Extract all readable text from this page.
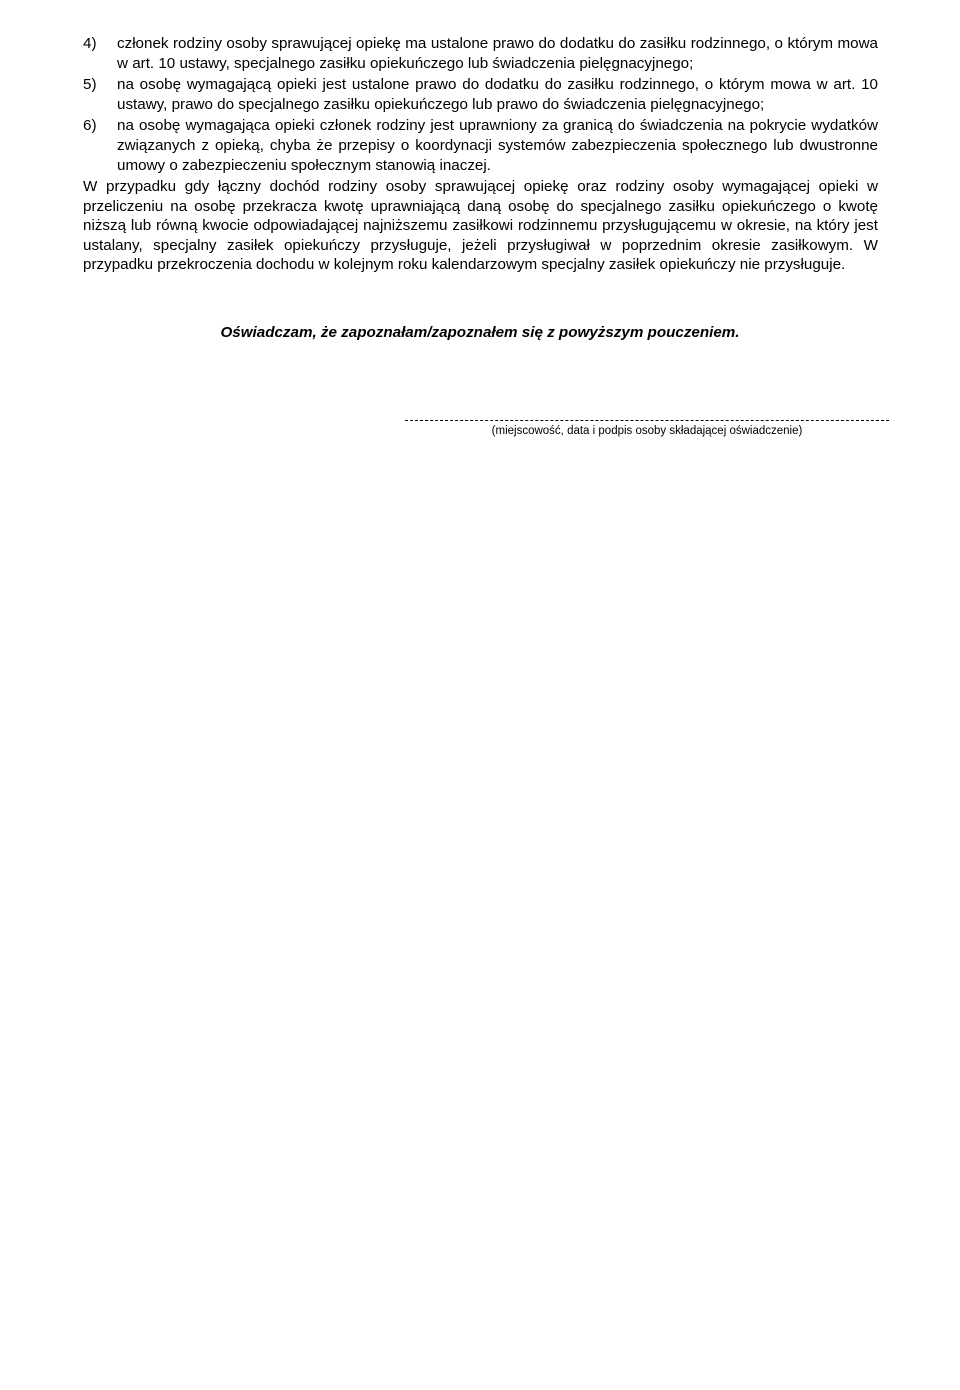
4)	członek rodziny osoby sprawującej opiekę ma ustalone prawo do dodatku do zasiłku rodzinnego, o którym mowa w art. 10 ustawy, specjalnego zasiłku opiekuńczego lub świadczenia pielęgnacyjnego;
5)	na osobę wymagającą opieki jest ustalone prawo do dodatku do zasiłku rodzinnego, o którym mowa w art. 10 ustawy, prawo do specjalnego zasiłku opiekuńczego lub prawo do świadczenia pielęgnacyjnego;
6)	na osobę wymagająca opieki członek rodziny jest uprawniony za granicą do świadczenia na pokrycie wydatków związanych z opieką, chyba że przepisy o koordynacji systemów zabezpieczenia społecznego lub dwustronne umowy o zabezpieczeniu społecznym stanowią inaczej.

W przypadku gdy łączny dochód rodziny osoby sprawującej opiekę oraz rodziny osoby wymagającej opieki w przeliczeniu na osobę przekracza kwotę uprawniającą daną osobę do specjalnego zasiłku opiekuńczego o kwotę niższą lub równą kwocie odpowiadającej najniższemu zasiłkowi rodzinnemu przysługującemu w okresie, na który jest ustalany, specjalny zasiłek opiekuńczy przysługuje, jeżeli przysługiwał w poprzednim okresie zasiłkowym. W przypadku przekroczenia dochodu w kolejnym roku kalendarzowym specjalny zasiłek opiekuńczy nie przysługuje.

Oświadczam, że zapoznałam/zapoznałem się z powyższym pouczeniem.
(miejscowość, data i podpis osoby składającej oświadczenie)
